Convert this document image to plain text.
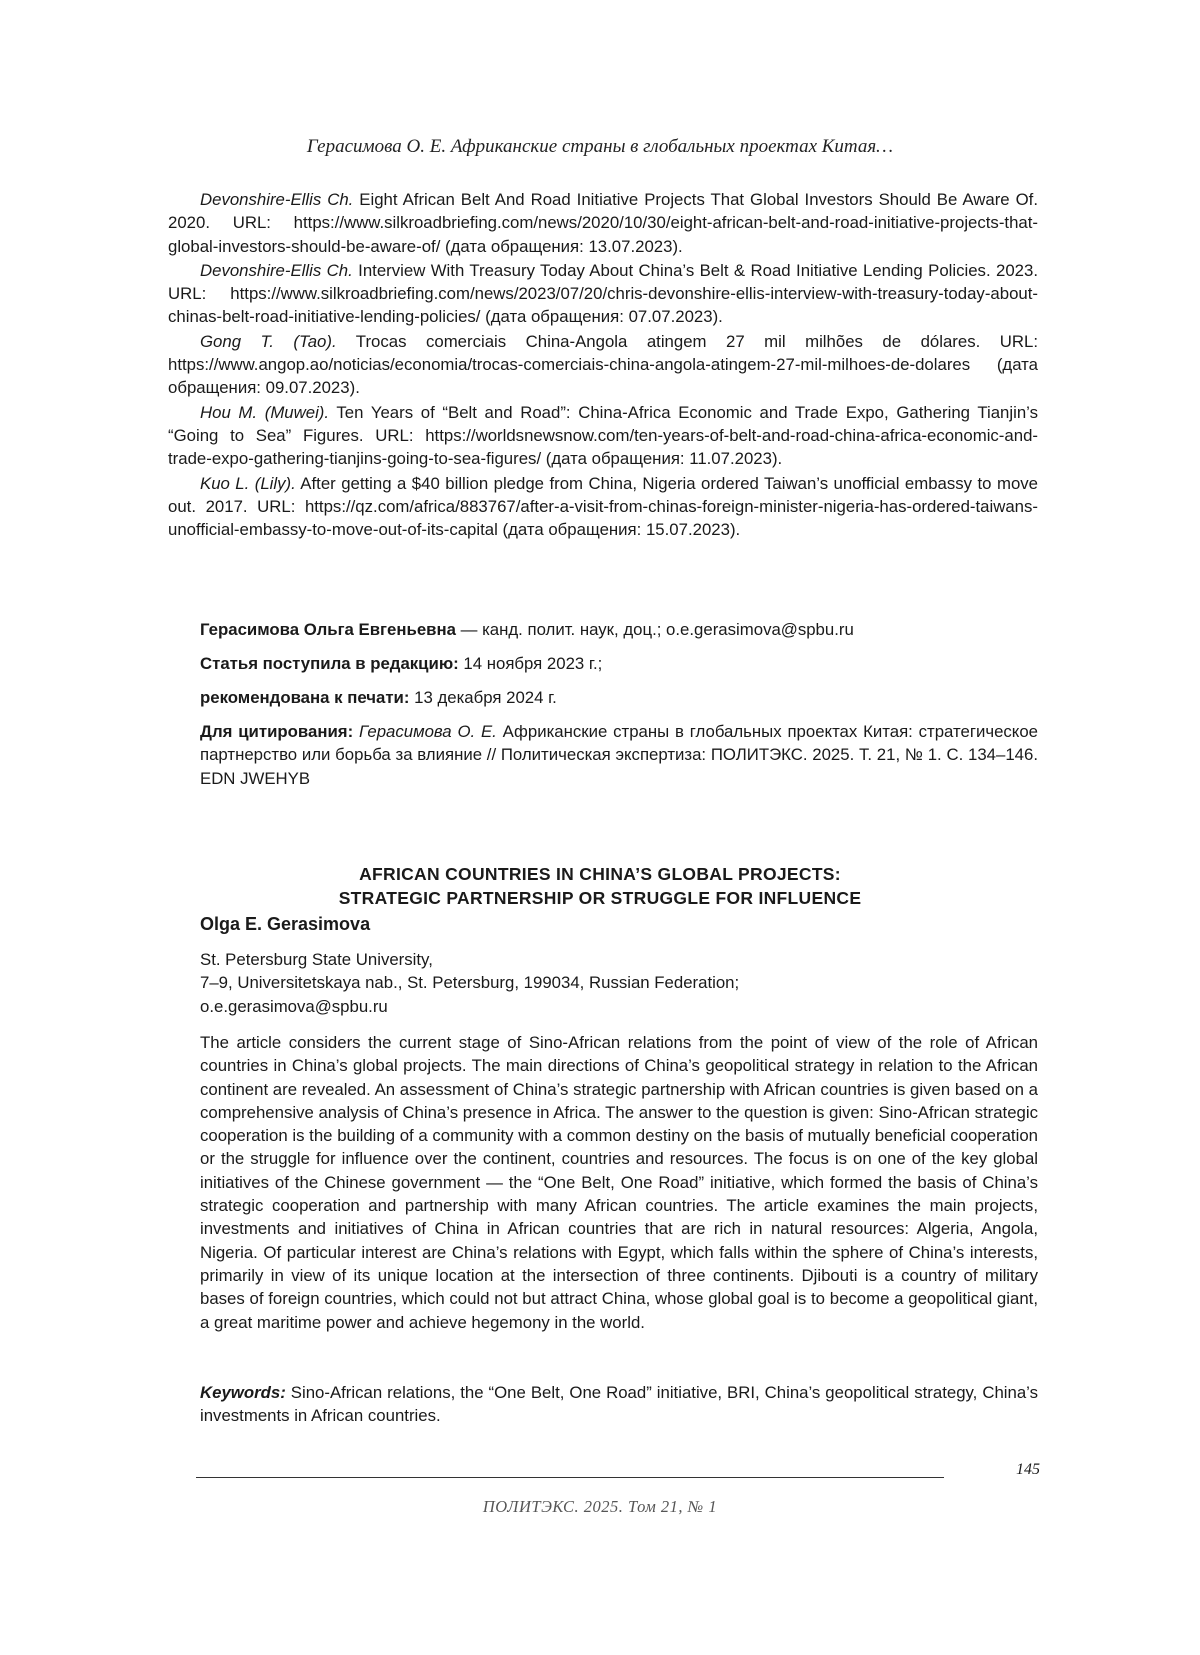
Герасимова О. Е. Африканские страны в глобальных проектах Китая…

Devonshire-Ellis Ch. Eight African Belt And Road Initiative Projects That Global Investors Should Be Aware Of. 2020. URL: https://www.silkroadbriefing.com/news/2020/10/30/eight-african-belt-and-road-initiative-projects-that-global-investors-should-be-aware-of/ (дата обращения: 13.07.2023).

Devonshire-Ellis Ch. Interview With Treasury Today About China’s Belt & Road Initiative Lending Policies. 2023. URL: https://www.silkroadbriefing.com/news/2023/07/20/chris-devonshire-ellis-interview-with-treasury-today-about-chinas-belt-road-initiative-lending-policies/ (дата обращения: 07.07.2023).

Gong T. (Tao). Trocas comerciais China-Angola atingem 27 mil milhões de dólares. URL: https://www.angop.ao/noticias/economia/trocas-comerciais-china-angola-atingem-27-mil-milhoes-de-dolares (дата обращения: 09.07.2023).

Hou M. (Muwei). Ten Years of “Belt and Road”: China-Africa Economic and Trade Expo, Gathering Tianjin’s “Going to Sea” Figures. URL: https://worldsnewsnow.com/ten-years-of-belt-and-road-china-africa-economic-and-trade-expo-gathering-tianjins-going-to-sea-figures/ (дата обращения: 11.07.2023).

Kuo L. (Lily). After getting a $40 billion pledge from China, Nigeria ordered Taiwan’s unofficial embassy to move out. 2017. URL: https://qz.com/africa/883767/after-a-visit-from-chinas-foreign-minister-nigeria-has-ordered-taiwans-unofficial-embassy-to-move-out-of-its-capital (дата обращения: 15.07.2023).

Герасимова Ольга Евгеньевна — канд. полит. наук, доц.; o.e.gerasimova@spbu.ru
Статья поступила в редакцию: 14 ноября 2023 г.;
рекомендована к печати: 13 декабря 2024 г.
Для цитирования: Герасимова О. Е. Африканские страны в глобальных проектах Китая: стратегическое партнерство или борьба за влияние // Политическая экспертиза: ПОЛИТЭКС. 2025. Т. 21, № 1. С. 134–146. EDN JWEHYB
AFRICAN COUNTRIES IN CHINA’S GLOBAL PROJECTS:
STRATEGIC PARTNERSHIP OR STRUGGLE FOR INFLUENCE
Olga E. Gerasimova
St. Petersburg State University,
7–9, Universitetskaya nab., St. Petersburg, 199034, Russian Federation;
o.e.gerasimova@spbu.ru
The article considers the current stage of Sino-African relations from the point of view of the role of African countries in China’s global projects. The main directions of China’s geopolitical strategy in relation to the African continent are revealed. An assessment of China’s strategic partnership with African countries is given based on a comprehensive analysis of China’s presence in Africa. The answer to the question is given: Sino-African strategic cooperation is the building of a community with a common destiny on the basis of mutually beneficial cooperation or the struggle for influence over the continent, countries and resources. The focus is on one of the key global initiatives of the Chinese government — the “One Belt, One Road” initiative, which formed the basis of China’s strategic cooperation and partnership with many African countries. The article examines the main projects, investments and initiatives of China in African countries that are rich in natural resources: Algeria, Angola, Nigeria. Of particular interest are China’s relations with Egypt, which falls within the sphere of China’s interests, primarily in view of its unique location at the intersection of three continents. Djibouti is a country of military bases of foreign countries, which could not but attract China, whose global goal is to become a geopolitical giant, a great maritime power and achieve hegemony in the world.
Keywords: Sino-African relations, the “One Belt, One Road” initiative, BRI, China’s geopolitical strategy, China’s investments in African countries.
145
ПОЛИТЭКС. 2025. Том 21, № 1
